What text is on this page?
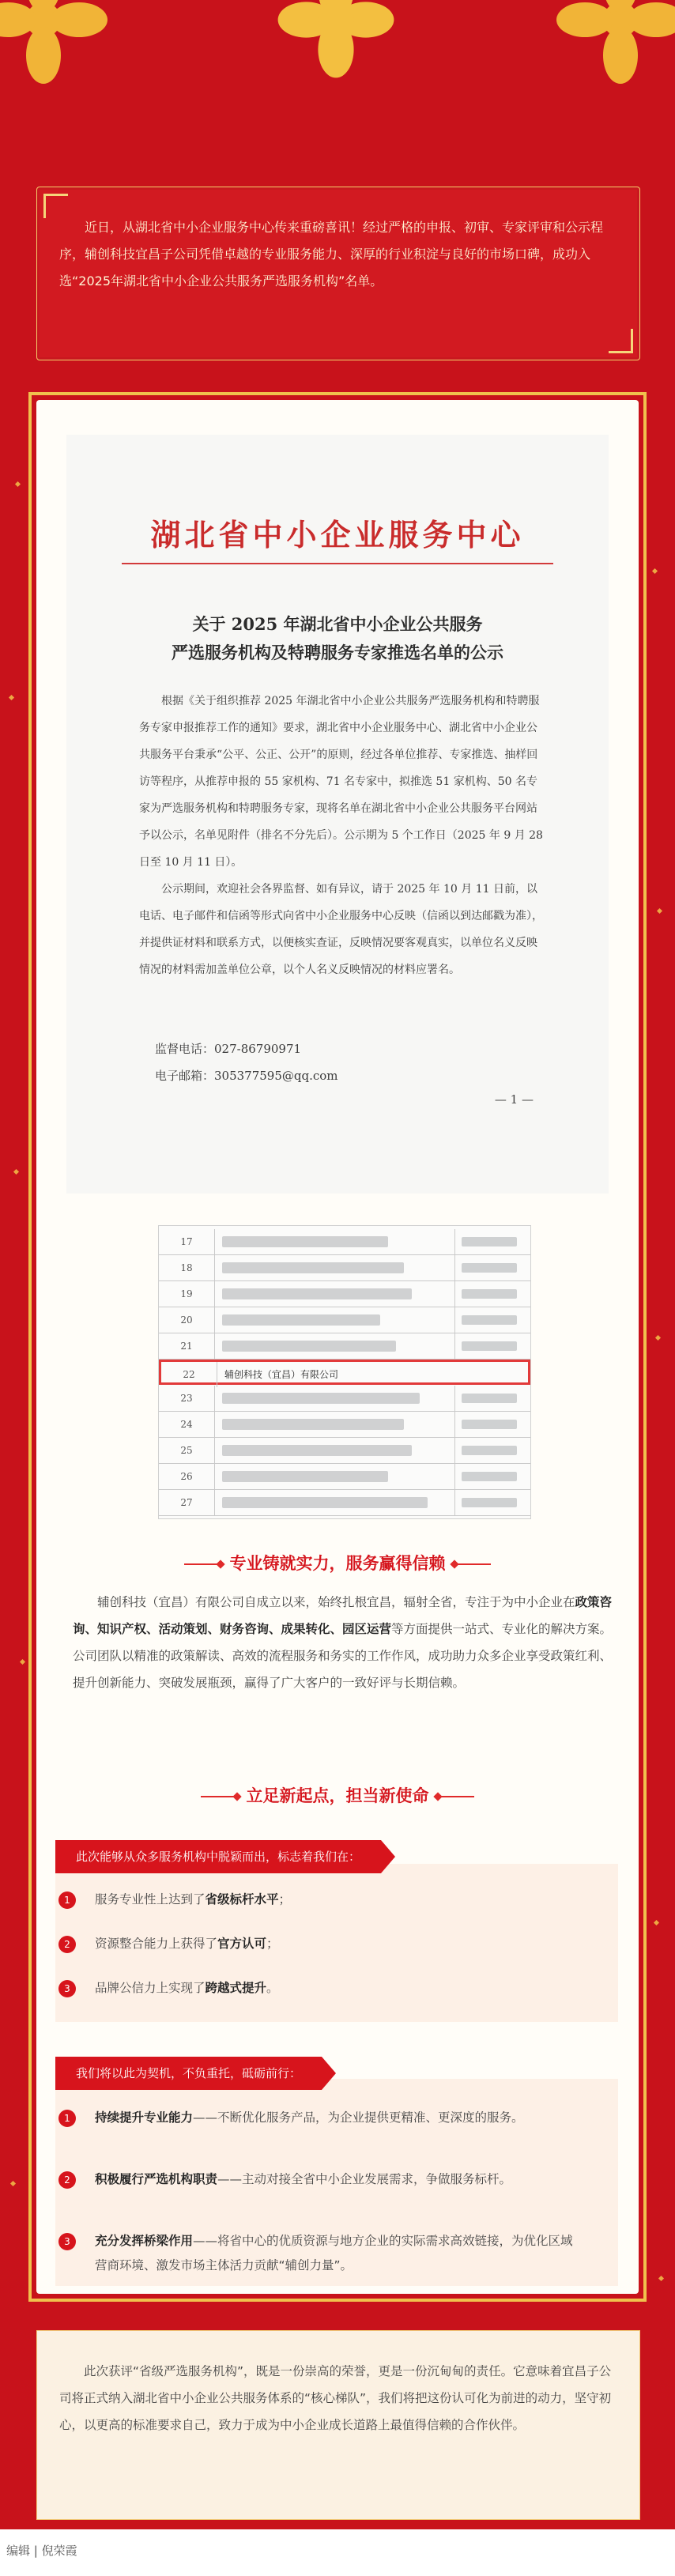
近日，从湖北省中小企业服务中心传来重磅喜讯！经过严格的申报、初审、专家评审和公示程序，辅创科技宜昌子公司凭借卓越的专业服务能力、深厚的行业积淀与良好的市场口碑，成功入选“2025年湖北省中小企业公共服务严选服务机构”名单。
湖北省中小企业服务中心
关于 2025 年湖北省中小企业公共服务
严选服务机构及特聘服务专家推选名单的公示

根据《关于组织推荐 2025 年湖北省中小企业公共服务严选服务机构和特聘服务专家申报推荐工作的通知》要求，湖北省中小企业服务中心、湖北省中小企业公共服务平台秉承“公平、公正、公开”的原则，经过各单位推荐、专家推选、抽样回访等程序，从推荐申报的 55 家机构、71 名专家中，拟推选 51 家机构、50 名专家为严选服务机构和特聘服务专家，现将名单在湖北省中小企业公共服务平台网站予以公示，名单见附件（排名不分先后）。公示期为 5 个工作日（2025 年 9 月 28 日至 10 月 11 日）。

公示期间，欢迎社会各界监督、如有异议，请于 2025 年 10 月 11 日前，以电话、电子邮件和信函等形式向省中小企业服务中心反映（信函以到达邮戳为准），并提供证材料和联系方式，以便核实查证，反映情况要客观真实，以单位名义反映情况的材料需加盖单位公章，以个人名义反映情况的材料应署名。

监督电话：027-86790971
电子邮箱：305377595@qq.com
— 1 —
17
18
19
20
21
22	辅创科技（宜昌）有限公司
23
24
25
26
27
专业铸就实力，服务赢得信赖
辅创科技（宜昌）有限公司自成立以来，始终扎根宜昌，辐射全省，专注于为中小企业在政策咨询、知识产权、活动策划、财务咨询、成果转化、园区运营等方面提供一站式、专业化的解决方案。公司团队以精准的政策解读、高效的流程服务和务实的工作作风，成功助力众多企业享受政策红利、提升创新能力、突破发展瓶颈，赢得了广大客户的一致好评与长期信赖。
立足新起点，担当新使命
1	服务专业性上达到了省级标杆水平；
2	资源整合能力上获得了官方认可；
3	品牌公信力上实现了跨越式提升。
此次能够从众多服务机构中脱颖而出，标志着我们在：
1	持续提升专业能力——不断优化服务产品，为企业提供更精准、更深度的服务。
2	积极履行严选机构职责——主动对接全省中小企业发展需求，争做服务标杆。
3	充分发挥桥梁作用——将省中心的优质资源与地方企业的实际需求高效链接，为优化区域营商环境、激发市场主体活力贡献“辅创力量”。
我们将以此为契机，不负重托，砥砺前行：
此次获评“省级严选服务机构”，既是一份崇高的荣誉，更是一份沉甸甸的责任。它意味着宜昌子公司将正式纳入湖北省中小企业公共服务体系的“核心梯队”，我们将把这份认可化为前进的动力，坚守初心，以更高的标准要求自己，致力于成为中小企业成长道路上最值得信赖的合作伙伴。
编辑 | 倪荣霞
